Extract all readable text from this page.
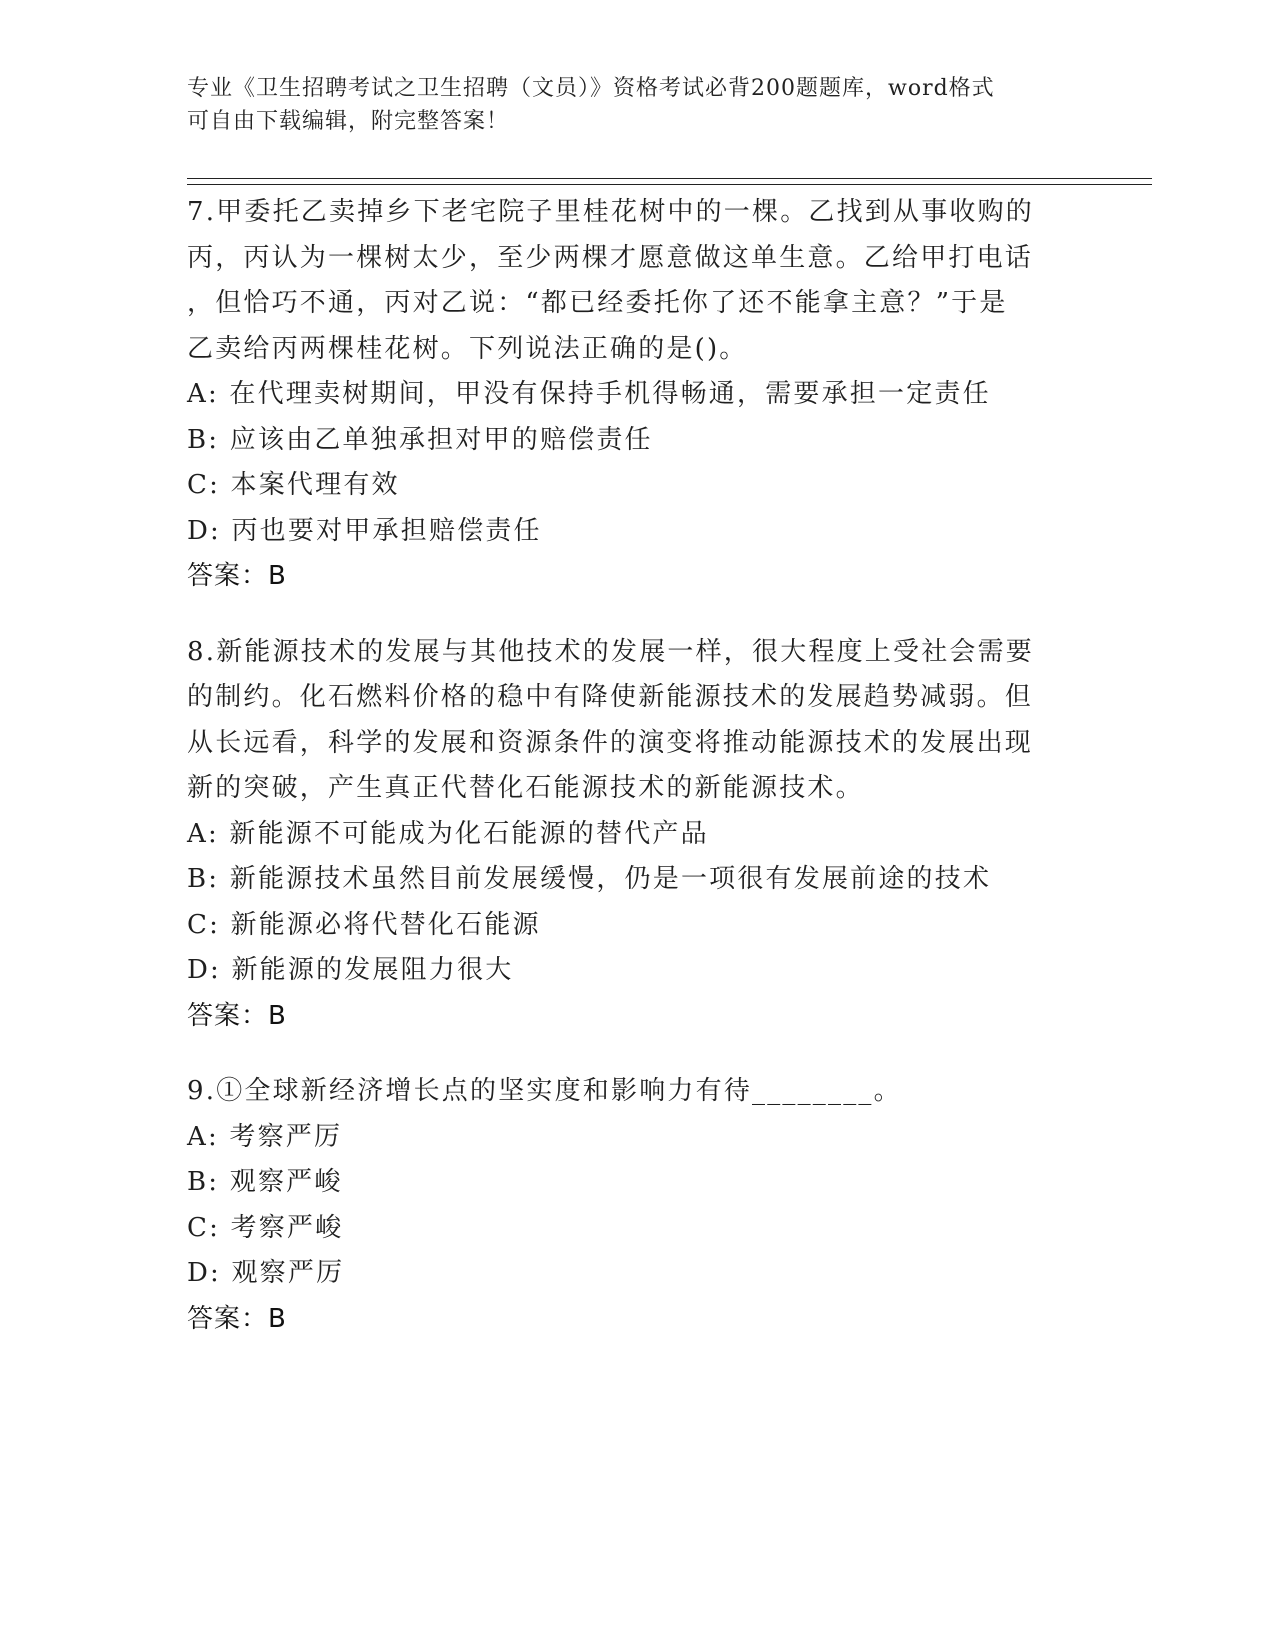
专业《卫生招聘考试之卫生招聘（文员）》资格考试必背200题题库，word格式
可自由下载编辑，附完整答案！
7.甲委托乙卖掉乡下老宅院子里桂花树中的一棵。乙找到从事收购的
丙，丙认为一棵树太少，至少两棵才愿意做这单生意。乙给甲打电话
，但恰巧不通，丙对乙说：“都已经委托你了还不能拿主意？”于是
乙卖给丙两棵桂花树。下列说法正确的是()。
A: 在代理卖树期间，甲没有保持手机得畅通，需要承担一定责任
B: 应该由乙单独承担对甲的赔偿责任
C: 本案代理有效
D: 丙也要对甲承担赔偿责任
答案：B
8.新能源技术的发展与其他技术的发展一样，很大程度上受社会需要
的制约。化石燃料价格的稳中有降使新能源技术的发展趋势减弱。但
从长远看，科学的发展和资源条件的演变将推动能源技术的发展出现
新的突破，产生真正代替化石能源技术的新能源技术。
A: 新能源不可能成为化石能源的替代产品
B: 新能源技术虽然目前发展缓慢，仍是一项很有发展前途的技术
C: 新能源必将代替化石能源
D: 新能源的发展阻力很大
答案：B
9.①全球新经济增长点的坚实度和影响力有待________。
A: 考察严厉
B: 观察严峻
C: 考察严峻
D: 观察严厉
答案：B
